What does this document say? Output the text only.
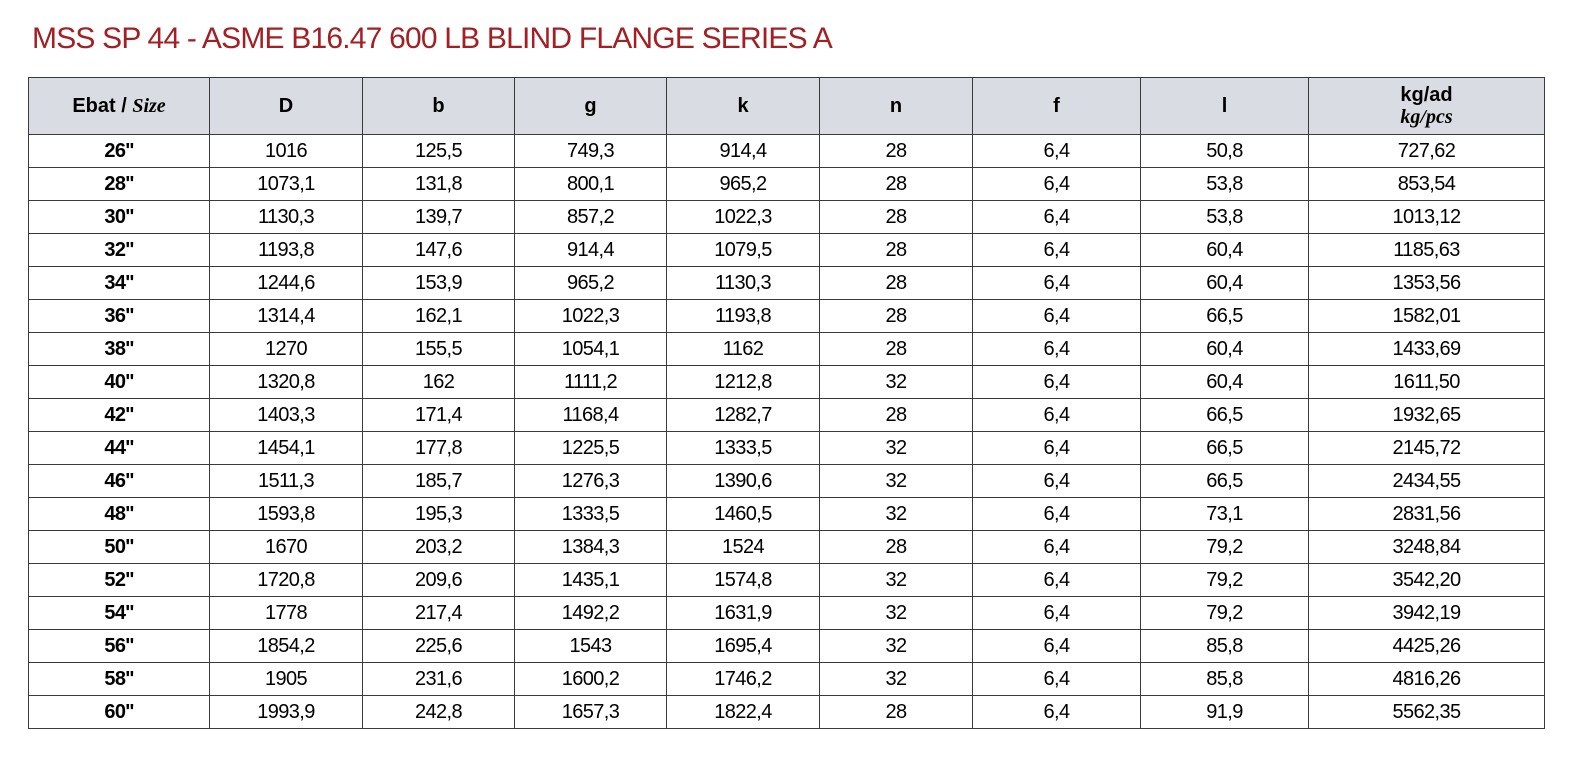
MSS SP 44 - ASME B16.47 600 LB BLIND FLANGE SERIES A
Ebat / Size	D	b	g	k	n	f	l	kg/ad
kg/pcs

26''	1016	125,5	749,3	914,4	28	6,4	50,8	727,62
28''	1073,1	131,8	800,1	965,2	28	6,4	53,8	853,54
30''	1130,3	139,7	857,2	1022,3	28	6,4	53,8	1013,12
32''	1193,8	147,6	914,4	1079,5	28	6,4	60,4	1185,63
34''	1244,6	153,9	965,2	1130,3	28	6,4	60,4	1353,56
36''	1314,4	162,1	1022,3	1193,8	28	6,4	66,5	1582,01
38''	1270	155,5	1054,1	1162	28	6,4	60,4	1433,69
40''	1320,8	162	1111,2	1212,8	32	6,4	60,4	1611,50
42''	1403,3	171,4	1168,4	1282,7	28	6,4	66,5	1932,65
44''	1454,1	177,8	1225,5	1333,5	32	6,4	66,5	2145,72
46''	1511,3	185,7	1276,3	1390,6	32	6,4	66,5	2434,55
48''	1593,8	195,3	1333,5	1460,5	32	6,4	73,1	2831,56
50''	1670	203,2	1384,3	1524	28	6,4	79,2	3248,84
52''	1720,8	209,6	1435,1	1574,8	32	6,4	79,2	3542,20
54''	1778	217,4	1492,2	1631,9	32	6,4	79,2	3942,19
56''	1854,2	225,6	1543	1695,4	32	6,4	85,8	4425,26
58''	1905	231,6	1600,2	1746,2	32	6,4	85,8	4816,26
60''	1993,9	242,8	1657,3	1822,4	28	6,4	91,9	5562,35
